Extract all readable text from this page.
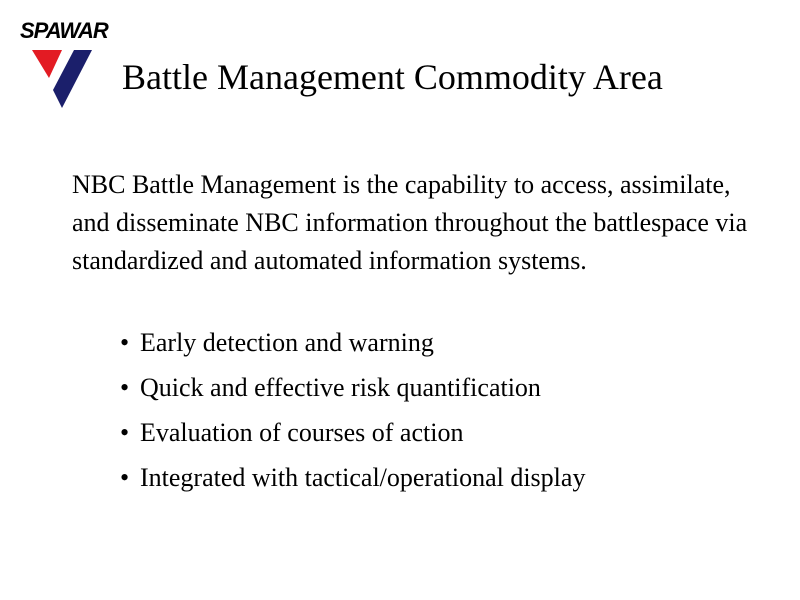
SPAWAR
Battle Management Commodity Area
NBC Battle Management is the capability to access, assimilate, and disseminate NBC information throughout the battlespace via standardized and automated information systems.
• Early detection and warning
• Quick and effective risk quantification
• Evaluation of courses of action
• Integrated with tactical/operational display
